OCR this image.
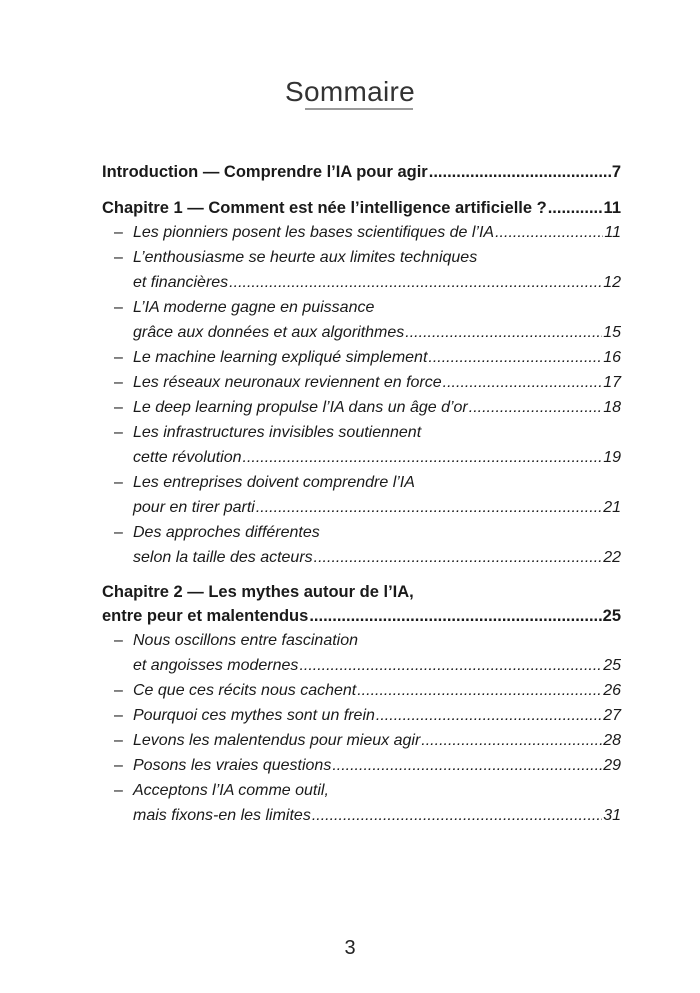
Sommaire
Introduction — Comprendre l’IA pour agir .....	7
Chapitre 1 — Comment est née l’intelligence artificielle ? .....	11
– Les pionniers posent les bases scientifiques de l’IA .....	11
– L’enthousiasme se heurte aux limites techniques
et financières .....	12
– L’IA moderne gagne en puissance
grâce aux données et aux algorithmes .....	15
– Le machine learning expliqué simplement .....	16
– Les réseaux neuronaux reviennent en force .....	17
– Le deep learning propulse l’IA dans un âge d’or .....	18
– Les infrastructures invisibles soutiennent
cette révolution .....	19
– Les entreprises doivent comprendre l’IA
pour en tirer parti .....	21
– Des approches différentes
selon la taille des acteurs .....	22
Chapitre 2 — Les mythes autour de l’IA,
entre peur et malentendus .....	25
– Nous oscillons entre fascination
et angoisses modernes .....	25
– Ce que ces récits nous cachent .....	26
– Pourquoi ces mythes sont un frein .....	27
– Levons les malentendus pour mieux agir .....	28
– Posons les vraies questions .....	29
– Acceptons l’IA comme outil,
mais fixons-en les limites .....	31
3
